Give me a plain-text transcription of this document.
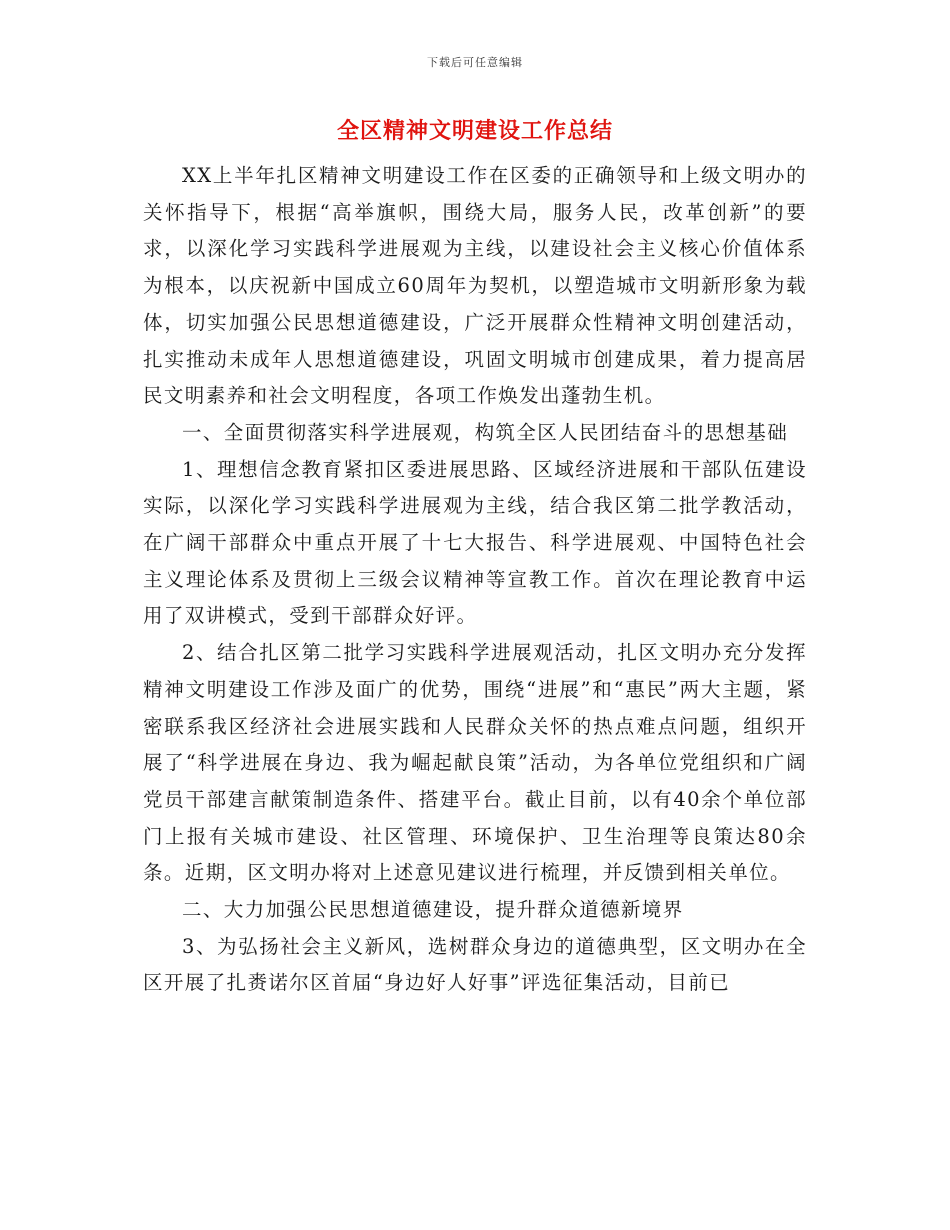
下载后可任意编辑
全区精神文明建设工作总结

XX上半年扎区精神文明建设工作在区委的正确领导和上级文明办的关怀指导下，根据“高举旗帜，围绕大局，服务人民，改革创新”的要求，以深化学习实践科学进展观为主线，以建设社会主义核心价值体系为根本，以庆祝新中国成立60周年为契机，以塑造城市文明新形象为载体，切实加强公民思想道德建设，广泛开展群众性精神文明创建活动，扎实推动未成年人思想道德建设，巩固文明城市创建成果，着力提高居民文明素养和社会文明程度，各项工作焕发出蓬勃生机。

一、全面贯彻落实科学进展观，构筑全区人民团结奋斗的思想基础

1、理想信念教育紧扣区委进展思路、区域经济进展和干部队伍建设实际，以深化学习实践科学进展观为主线，结合我区第二批学教活动，在广阔干部群众中重点开展了十七大报告、科学进展观、中国特色社会主义理论体系及贯彻上三级会议精神等宣教工作。首次在理论教育中运用了双讲模式，受到干部群众好评。

2、结合扎区第二批学习实践科学进展观活动，扎区文明办充分发挥精神文明建设工作涉及面广的优势，围绕“进展”和“惠民”两大主题，紧密联系我区经济社会进展实践和人民群众关怀的热点难点问题，组织开展了“科学进展在身边、我为崛起献良策”活动，为各单位党组织和广阔党员干部建言献策制造条件、搭建平台。截止目前，以有40余个单位部门上报有关城市建设、社区管理、环境保护、卫生治理等良策达80余条。近期，区文明办将对上述意见建议进行梳理，并反馈到相关单位。

二、大力加强公民思想道德建设，提升群众道德新境界

3、为弘扬社会主义新风，选树群众身边的道德典型，区文明办在全区开展了扎赉诺尔区首届“身边好人好事”评选征集活动，目前已
